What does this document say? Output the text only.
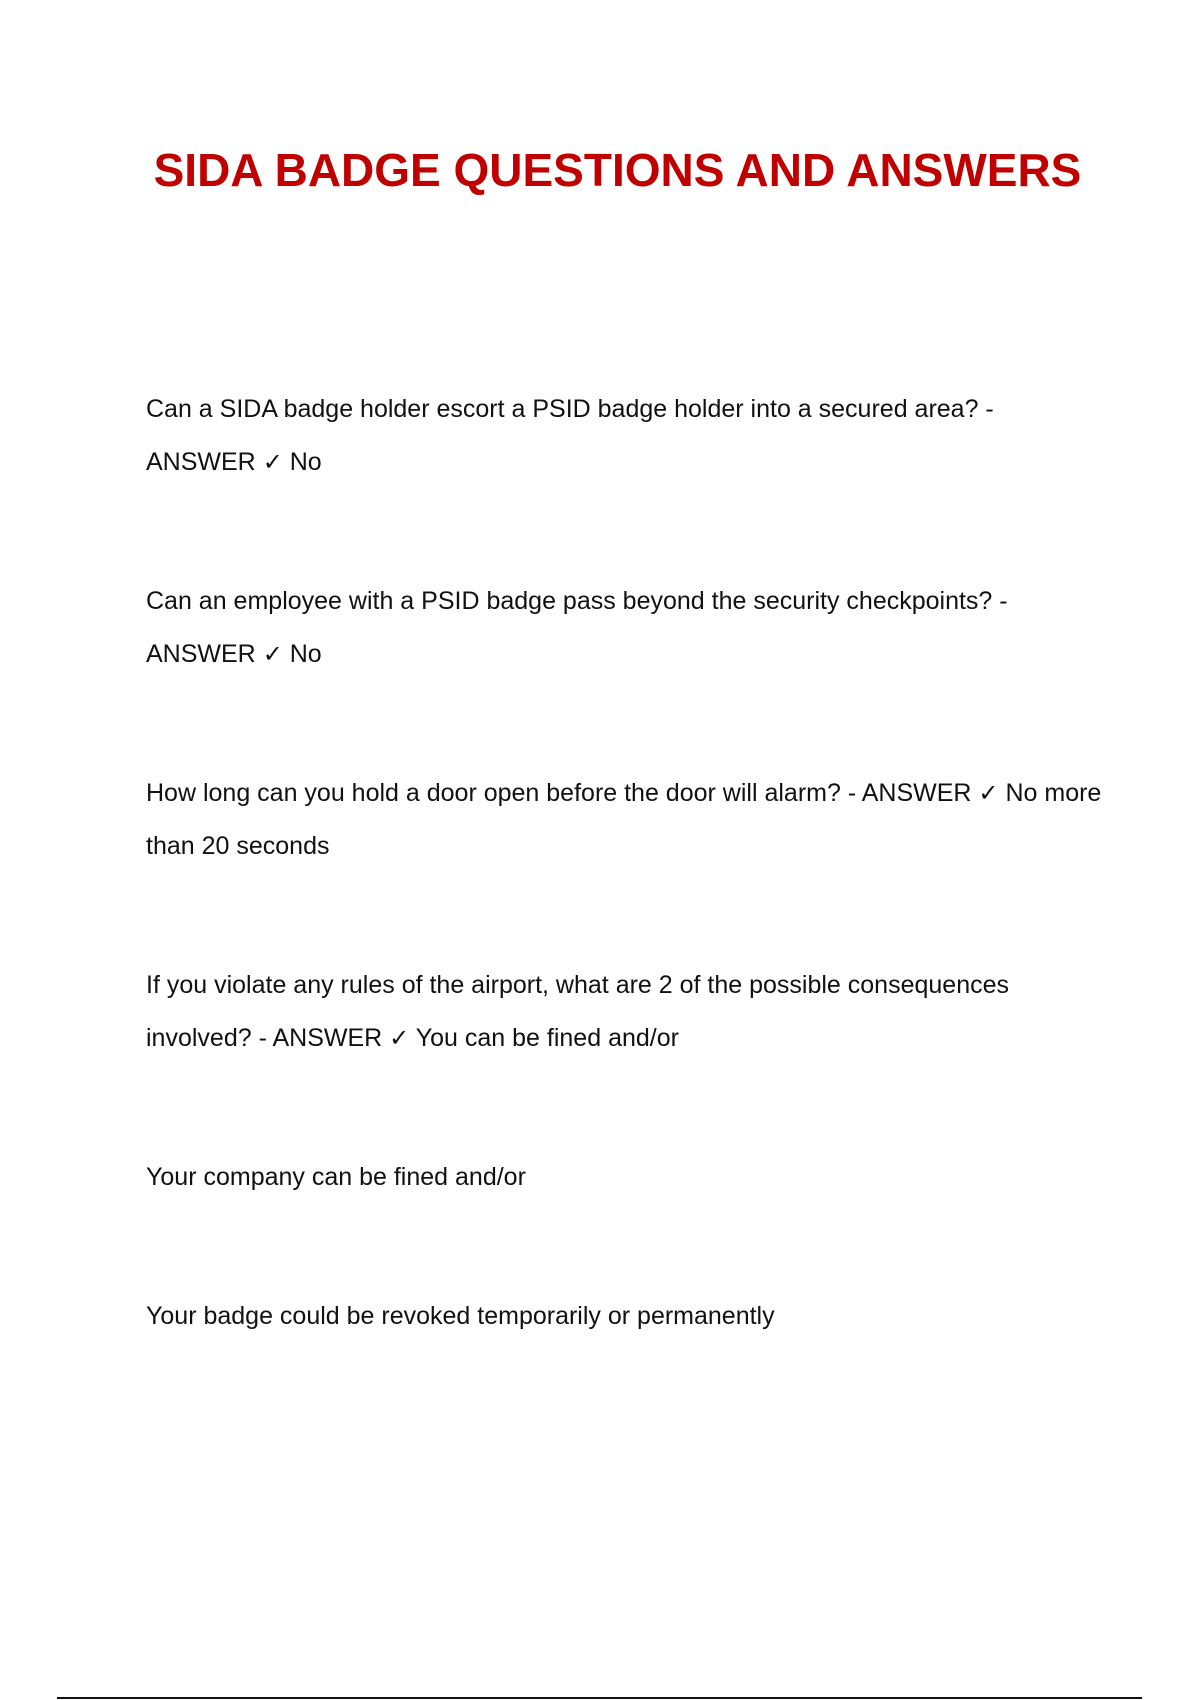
SIDA BADGE QUESTIONS AND ANSWERS

Can a SIDA badge holder escort a PSID badge holder into a secured area? - ANSWER ✓ No

Can an employee with a PSID badge pass beyond the security checkpoints? - ANSWER ✓ No

How long can you hold a door open before the door will alarm? - ANSWER ✓ No more than 20 seconds

If you violate any rules of the airport, what are 2 of the possible consequences involved? - ANSWER ✓ You can be fined and/or

Your company can be fined and/or

Your badge could be revoked temporarily or permanently
